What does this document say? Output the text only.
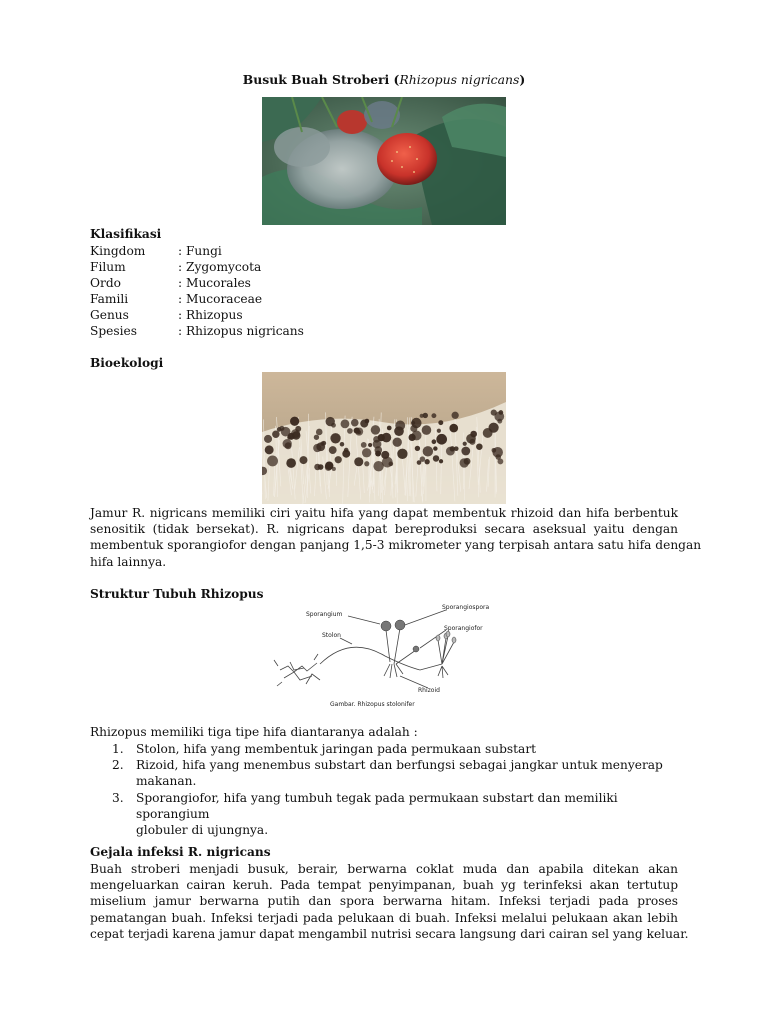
Busuk Buah Stroberi (Rhizopus nigricans)
Klasifikasi
Kingdom	: Fungi
Filum	: Zygomycota
Ordo	: Mucorales
Famili	: Mucoraceae
Genus	: Rhizopus
Spesies	: Rhizopus nigricans
Bioekologi
Jamur R. nigricans memiliki ciri yaitu hifa yang dapat membentuk rhizoid dan hifa berbentuk
senositik (tidak bersekat). R. nigricans dapat bereproduksi secara aseksual yaitu dengan
membentuk sporangiofor dengan panjang 1,5-3 mikrometer yang terpisah antara satu hifa dengan
hifa lainnya.
Struktur Tubuh Rhizopus
Sporangium
Sporangiospora
Stolon
Sporangiofor
Rhizoid
Gambar. Rhizopus stolonifer
Rhizopus memiliki tiga tipe hifa diantaranya adalah :
1. Stolon, hifa yang membentuk jaringan pada permukaan substart
2. Rizoid, hifa yang menembus substart dan berfungsi sebagai jangkar untuk menyerap
makanan.
3. Sporangiofor, hifa yang tumbuh tegak pada permukaan substart dan memiliki sporangium
globuler di ujungnya.
Gejala infeksi R. nigricans
Buah stroberi menjadi busuk, berair, berwarna coklat muda dan apabila ditekan akan
mengeluarkan cairan keruh. Pada tempat penyimpanan, buah yg terinfeksi akan tertutup
miselium jamur berwarna putih dan spora berwarna hitam. Infeksi terjadi pada proses
pematangan buah. Infeksi terjadi pada pelukaan di buah. Infeksi melalui pelukaan akan lebih
cepat terjadi karena jamur dapat mengambil nutrisi secara langsung dari cairan sel yang keluar.
